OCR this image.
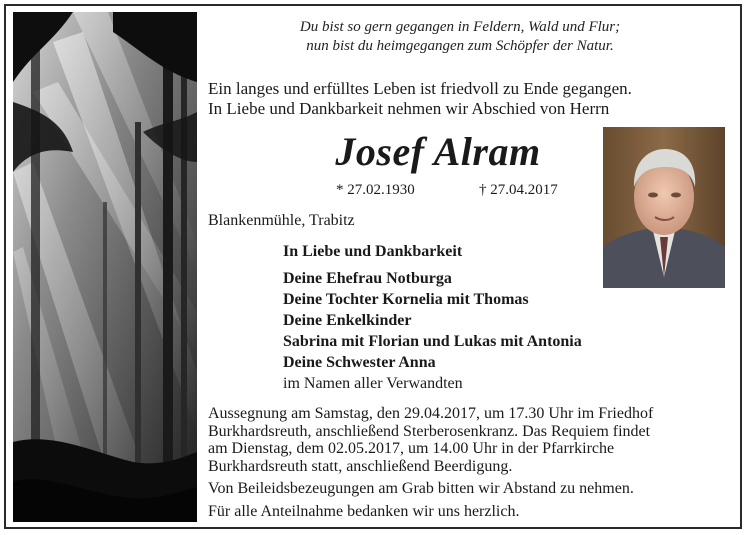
Du bist so gern gegangen in Feldern, Wald und Flur;
nun bist du heimgegangen zum Schöpfer der Natur.
Ein langes und erfülltes Leben ist friedvoll zu Ende gegangen.
In Liebe und Dankbarkeit nehmen wir Abschied von Herrn
Josef Alram
* 27.02.1930	† 27.04.2017
Blankenmühle, Trabitz
In Liebe und Dankbarkeit
Deine Ehefrau Notburga
Deine Tochter Kornelia mit Thomas
Deine Enkelkinder
Sabrina mit Florian und Lukas mit Antonia
Deine Schwester Anna
im Namen aller Verwandten
Aussegnung am Samstag, den 29.04.2017, um 17.30 Uhr im Friedhof
Burkhardsreuth, anschließend Sterberosenkranz. Das Requiem findet
am Dienstag, dem 02.05.2017, um 14.00 Uhr in der Pfarrkirche
Burkhardsreuth statt, anschließend Beerdigung.
Von Beileidsbezeugungen am Grab bitten wir Abstand zu nehmen.
Für alle Anteilnahme bedanken wir uns herzlich.
